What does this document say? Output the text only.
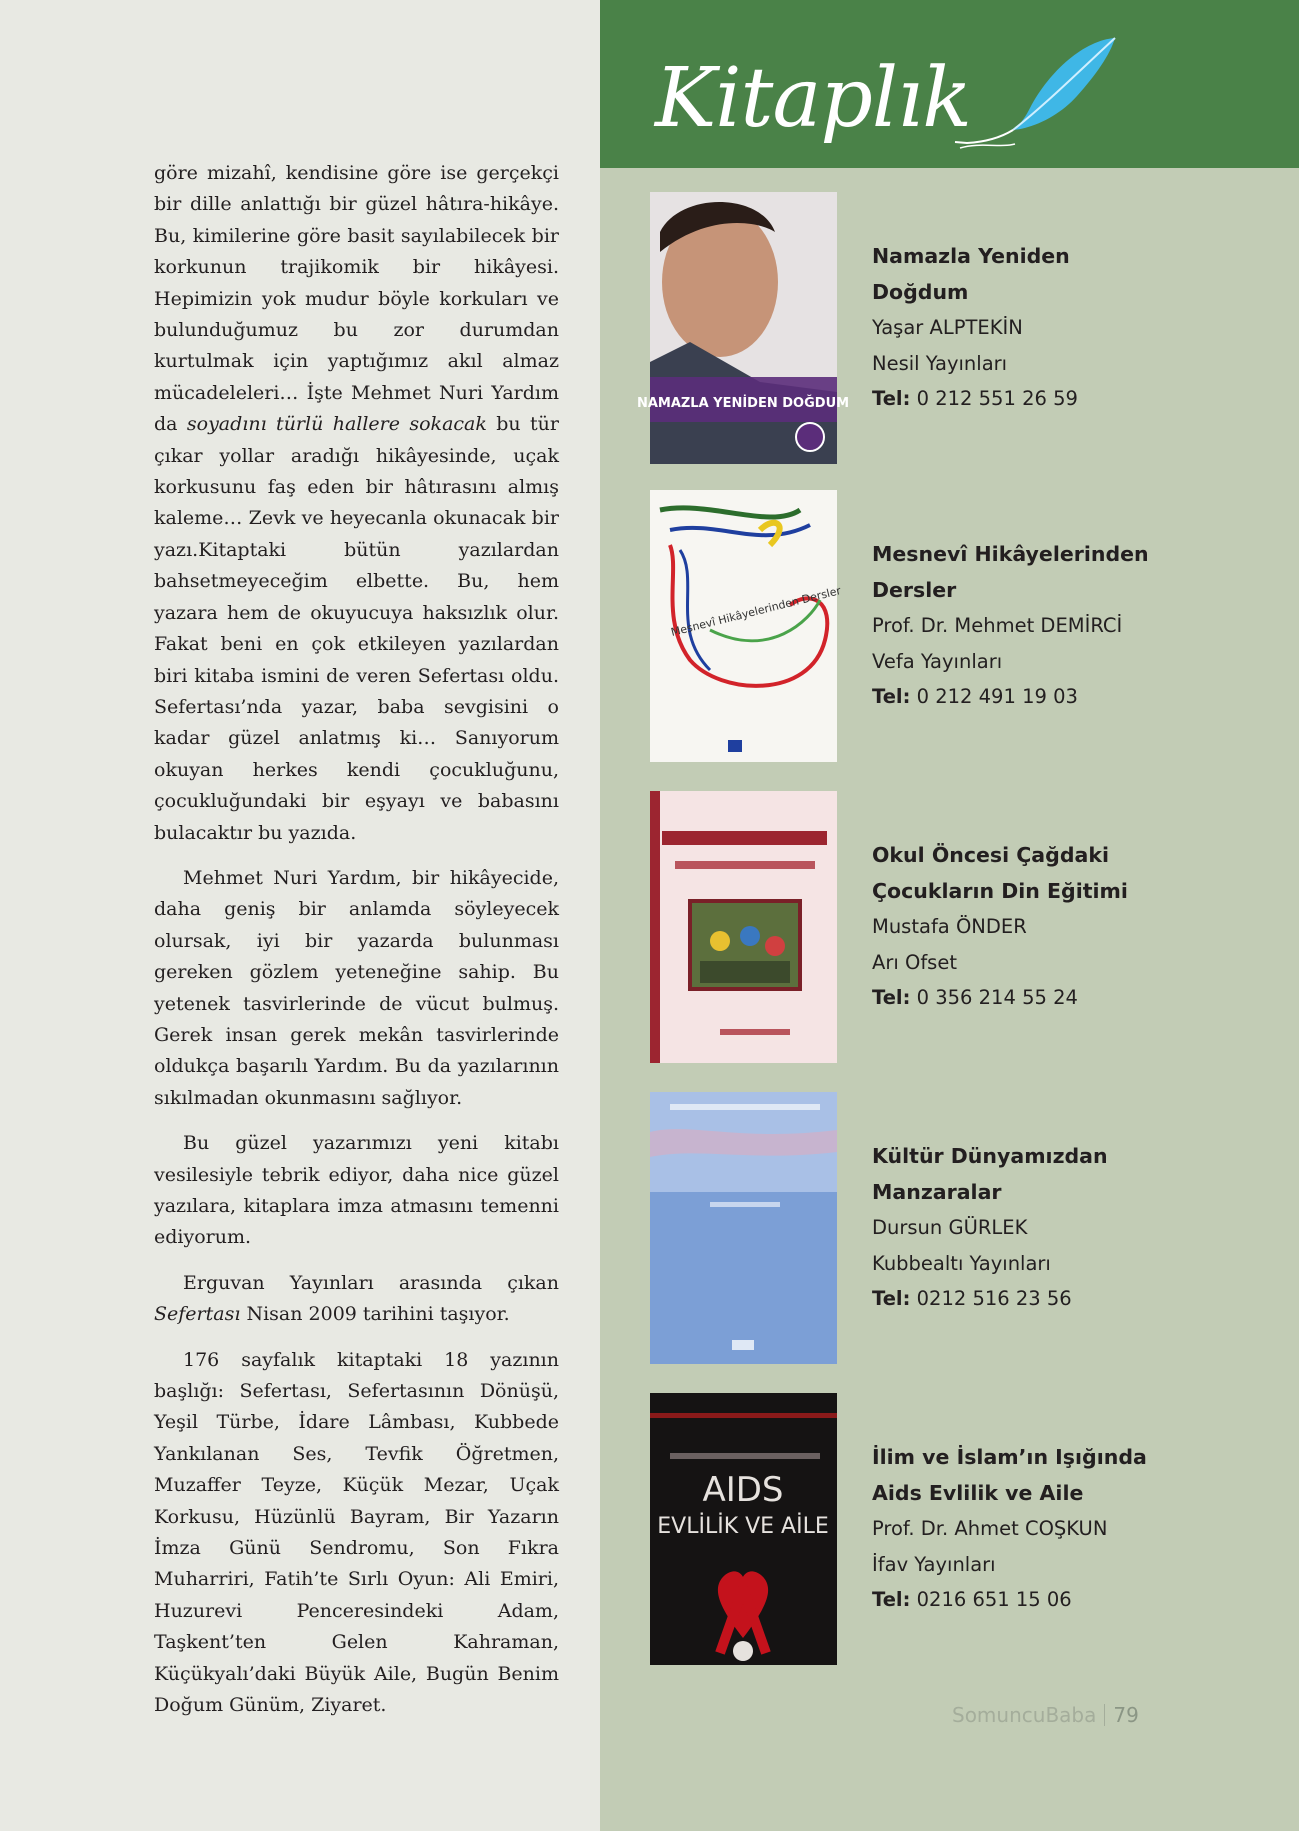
göre mizahî, kendisine göre ise gerçekçi bir dille anlattığı bir güzel hâtıra-hikâye. Bu, kimilerine göre basit sayılabilecek bir korkunun trajikomik bir hikâyesi. Hepimizin yok mudur böyle korkuları ve bulunduğumuz bu zor durumdan kurtulmak için yaptığımız akıl almaz mücadeleleri… İşte Mehmet Nuri Yardım da soyadını türlü hallere sokacak bu tür çıkar yollar aradığı hikâyesinde, uçak korkusunu faş eden bir hâtırasını almış kaleme… Zevk ve heyecanla okunacak bir yazı.Kitaptaki bütün yazılardan bahsetmeyeceğim elbette. Bu, hem yazara hem de okuyucuya haksızlık olur. Fakat beni en çok etkileyen yazılardan biri kitaba ismini de veren Sefertası oldu. Sefertası’nda yazar, baba sevgisini o kadar güzel anlatmış ki… Sanıyorum okuyan herkes kendi çocukluğunu, çocukluğundaki bir eşyayı ve babasını bulacaktır bu yazıda.

Mehmet Nuri Yardım, bir hikâyecide, daha geniş bir anlamda söyleyecek olursak, iyi bir yazarda bulunması gereken gözlem yeteneğine sahip. Bu yetenek tasvirlerinde de vücut bulmuş. Gerek insan gerek mekân tasvirlerinde oldukça başarılı Yardım. Bu da yazılarının sıkılmadan okunmasını sağlıyor.

Bu güzel yazarımızı yeni kitabı vesilesiyle tebrik ediyor, daha nice güzel yazılara, kitaplara imza atmasını temenni ediyorum.

Erguvan Yayınları arasında çıkan Sefertası Nisan 2009 tarihini taşıyor.

176 sayfalık kitaptaki 18 yazının başlığı: Sefertası, Sefertasının Dönüşü, Yeşil Türbe, İdare Lâmbası, Kubbede Yankılanan Ses, Tevfik Öğretmen, Muzaffer Teyze, Küçük Mezar, Uçak Korkusu, Hüzünlü Bayram, Bir Yazarın İmza Günü Sendromu, Son Fıkra Muharriri, Fatih’te Sırlı Oyun: Ali Emiri, Huzurevi Penceresindeki Adam, Taşkent’ten Gelen Kahraman, Küçükyalı’daki Büyük Aile, Bugün Benim Doğum Günüm, Ziyaret.

Kitaplık
NAMAZLA YENİDEN DOĞDUM
Namazla Yeniden
Doğdum
Yaşar ALPTEKİN
Nesil Yayınları
Tel: 0 212 551 26 59
Mesnevî Hikâyelerinden Dersler
Mesnevî Hikâyelerinden
Dersler
Prof. Dr. Mehmet DEMİRCİ
Vefa Yayınları
Tel: 0 212 491 19 03
Okul Öncesi Çağdaki
Çocukların Din Eğitimi
Mustafa ÖNDER
Arı Ofset
Tel: 0 356 214 55 24
Kültür Dünyamızdan
Manzaralar
Dursun GÜRLEK
Kubbealtı Yayınları
Tel: 0212 516 23 56
AIDS
EVLİLİK VE AİLE
İlim ve İslam’ın Işığında
Aids Evlilik ve Aile
Prof. Dr. Ahmet COŞKUN
İfav Yayınları
Tel: 0216 651 15 06
SomuncuBaba 79
